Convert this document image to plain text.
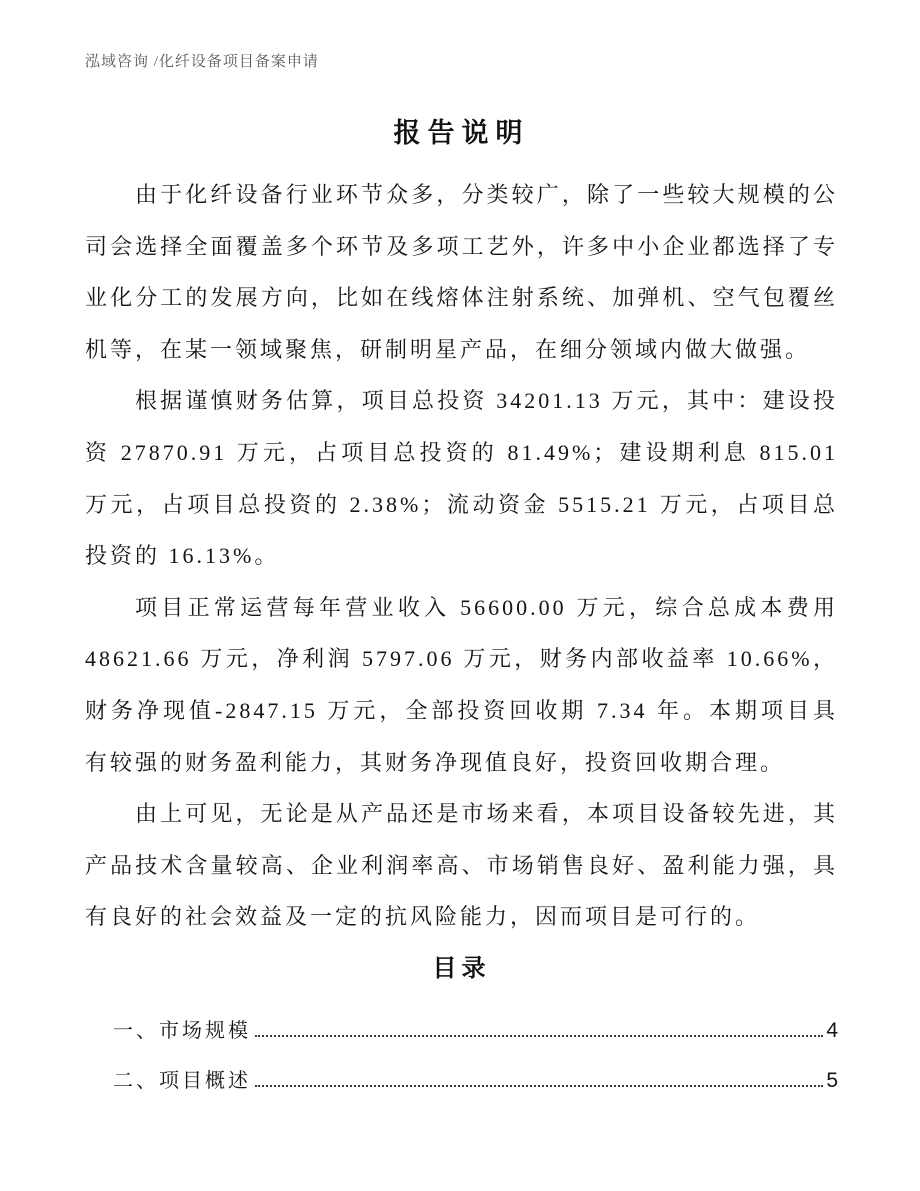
泓域咨询 /化纤设备项目备案申请
报告说明

由于化纤设备行业环节众多，分类较广，除了一些较大规模的公司会选择全面覆盖多个环节及多项工艺外，许多中小企业都选择了专业化分工的发展方向，比如在线熔体注射系统、加弹机、空气包覆丝机等，在某一领域聚焦，研制明星产品，在细分领域内做大做强。

根据谨慎财务估算，项目总投资 34201.13 万元，其中：建设投资 27870.91 万元，占项目总投资的 81.49%；建设期利息 815.01 万元，占项目总投资的 2.38%；流动资金 5515.21 万元，占项目总投资的 16.13%。

项目正常运营每年营业收入 56600.00 万元，综合总成本费用 48621.66 万元，净利润 5797.06 万元，财务内部收益率 10.66%，财务净现值-2847.15 万元，全部投资回收期 7.34 年。本期项目具有较强的财务盈利能力，其财务净现值良好，投资回收期合理。

由上可见，无论是从产品还是市场来看，本项目设备较先进，其产品技术含量较高、企业利润率高、市场销售良好、盈利能力强，具有良好的社会效益及一定的抗风险能力，因而项目是可行的。

目录
一、市场规模	4
二、项目概述	5
